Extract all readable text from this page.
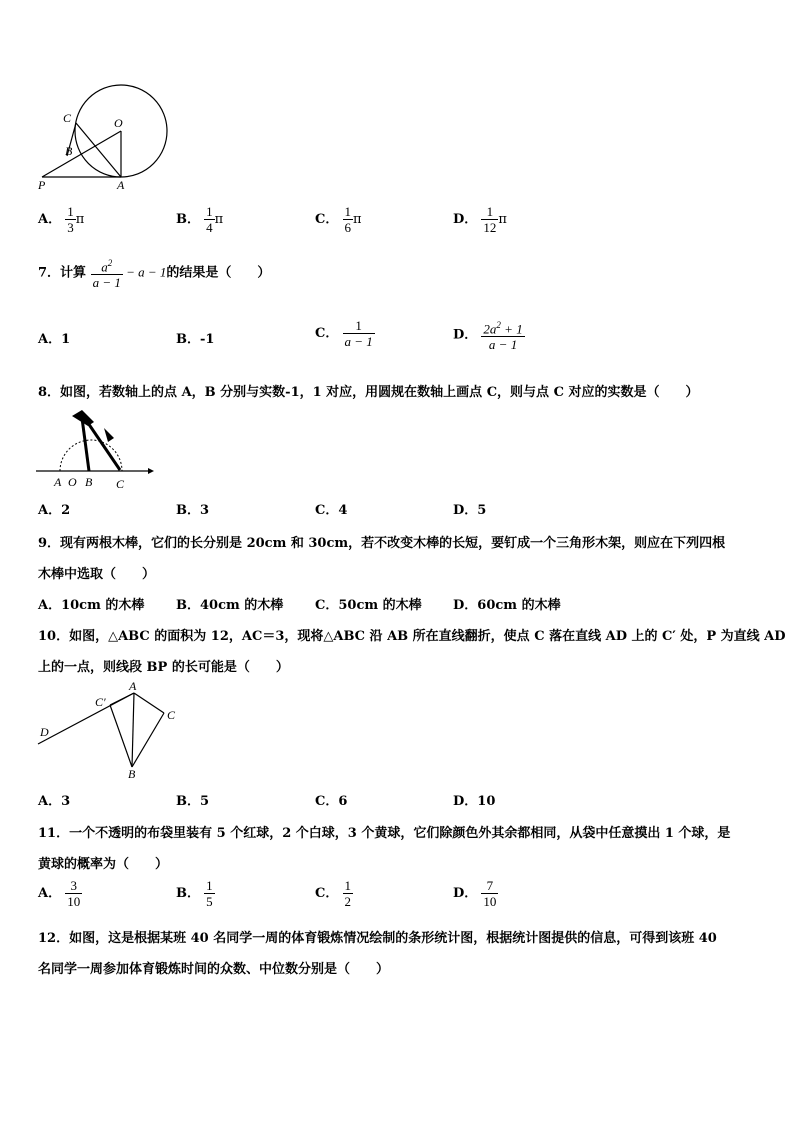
C	O
B
P	A
A． $\frac{1}{3}$ π	B． $\frac{1}{4}$ π	C． $\frac{1}{6}$ π	D． $\frac{1}{12}$ π
7．计算 $\frac{a^2}{a - 1} - a - 1$的结果是（　　）
A．1	B．-1	C． $\frac{1}{a - 1}$	D． $\frac{2a^2 + 1}{a - 1}$
8．如图，若数轴上的点 A，B 分别与实数-1，1 对应，用圆规在数轴上画点 C，则与点 C 对应的实数是（　　）
A O B C
A．2	B．3	C．4	D．5
9．现有两根木棒，它们的长分别是 20cm 和 30cm，若不改变木棒的长短，要钉成一个三角形木架，则应在下列四根
木棒中选取（　　）
A．10cm 的木棒 B．40cm 的木棒 C．50cm 的木棒 D．60cm 的木棒
10．如图，△ABC 的面积为 12，AC＝3，现将△ABC 沿 AB 所在直线翻折，使点 C 落在直线 AD 上的 C′ 处，P 为直线 AD
上的一点，则线段 BP 的长可能是（　　）
A
C′
C
D
B
A．3	B．5	C．6	D．10
11．一个不透明的布袋里装有 5 个红球，2 个白球，3 个黄球，它们除颜色外其余都相同，从袋中任意摸出 1 个球，是
黄球的概率为（　　）
A． $\frac{3}{10}$	B． $\frac{1}{5}$	C． $\frac{1}{2}$	D． $\frac{7}{10}$
12．如图，这是根据某班 40 名同学一周的体育锻炼情况绘制的条形统计图，根据统计图提供的信息，可得到该班 40
名同学一周参加体育锻炼时间的众数、中位数分别是（　　）
